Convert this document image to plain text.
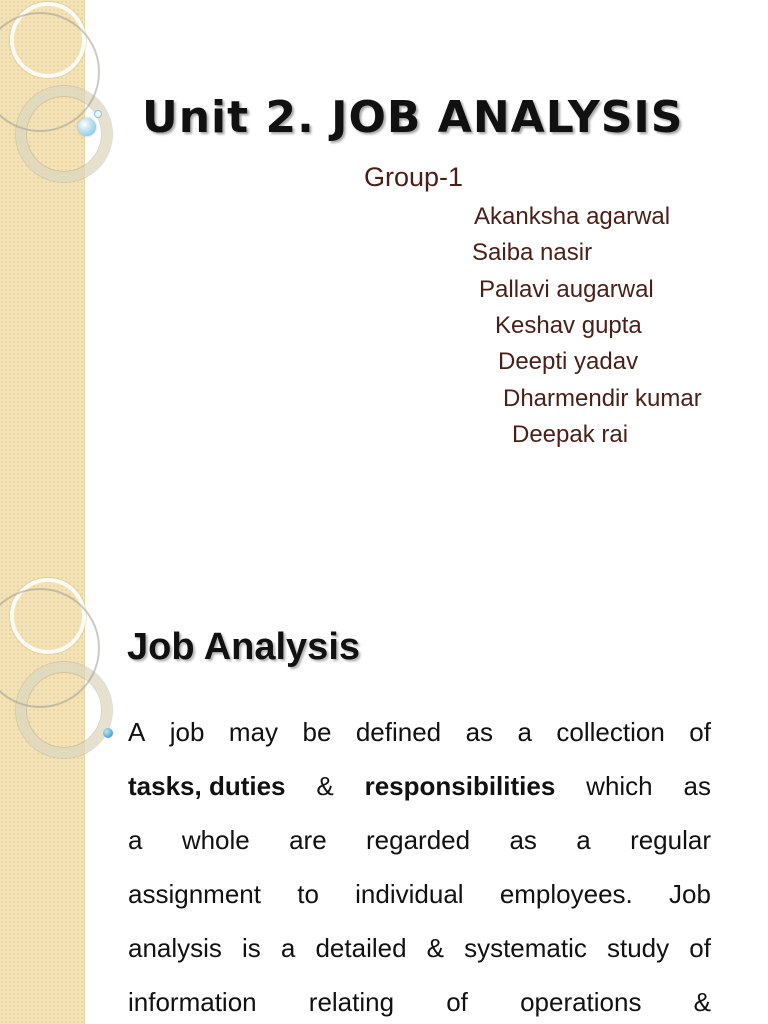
Unit 2. JOB ANALYSIS
Group-1
Akanksha agarwal
Saiba nasir
Pallavi augarwal
Keshav gupta
Deepti yadav
Dharmendir kumar
Deepak rai
Job Analysis
A job may be defined as a collection of
tasks, duties & responsibilities which as
a whole are regarded as a regular
assignment to individual employees. Job
analysis is a detailed & systematic study of
information relating of operations &
